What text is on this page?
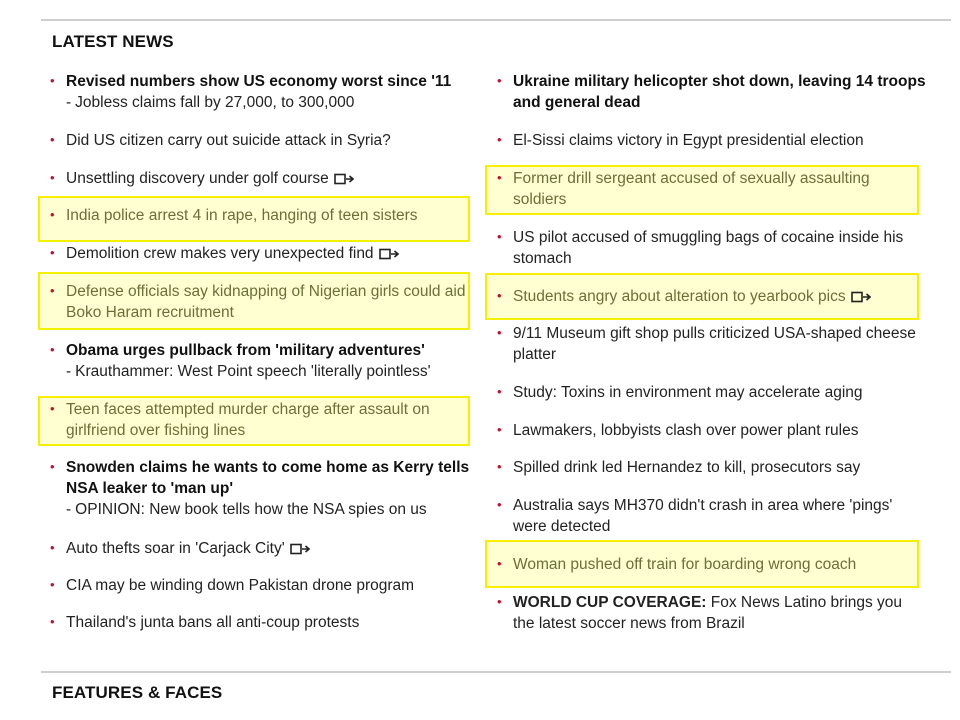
LATEST NEWS
• Revised numbers show US economy worst since '11
- Jobless claims fall by 27,000, to 300,000
• Did US citizen carry out suicide attack in Syria?
• Unsettling discovery under golf course
• India police arrest 4 in rape, hanging of teen sisters
• Demolition crew makes very unexpected find
• Defense officials say kidnapping of Nigerian girls could aid Boko Haram recruitment
• Obama urges pullback from 'military adventures'
- Krauthammer: West Point speech 'literally pointless'
• Teen faces attempted murder charge after assault on girlfriend over fishing lines
• Snowden claims he wants to come home as Kerry tells NSA leaker to 'man up'
- OPINION: New book tells how the NSA spies on us
• Auto thefts soar in 'Carjack City'
• CIA may be winding down Pakistan drone program
• Thailand's junta bans all anti-coup protests
• Ukraine military helicopter shot down, leaving 14 troops and general dead
• El-Sissi claims victory in Egypt presidential election
• Former drill sergeant accused of sexually assaulting soldiers
• US pilot accused of smuggling bags of cocaine inside his stomach
• Students angry about alteration to yearbook pics
• 9/11 Museum gift shop pulls criticized USA-shaped cheese platter
• Study: Toxins in environment may accelerate aging
• Lawmakers, lobbyists clash over power plant rules
• Spilled drink led Hernandez to kill, prosecutors say
• Australia says MH370 didn't crash in area where 'pings' were detected
• Woman pushed off train for boarding wrong coach
• WORLD CUP COVERAGE: Fox News Latino brings you the latest soccer news from Brazil
FEATURES & FACES
